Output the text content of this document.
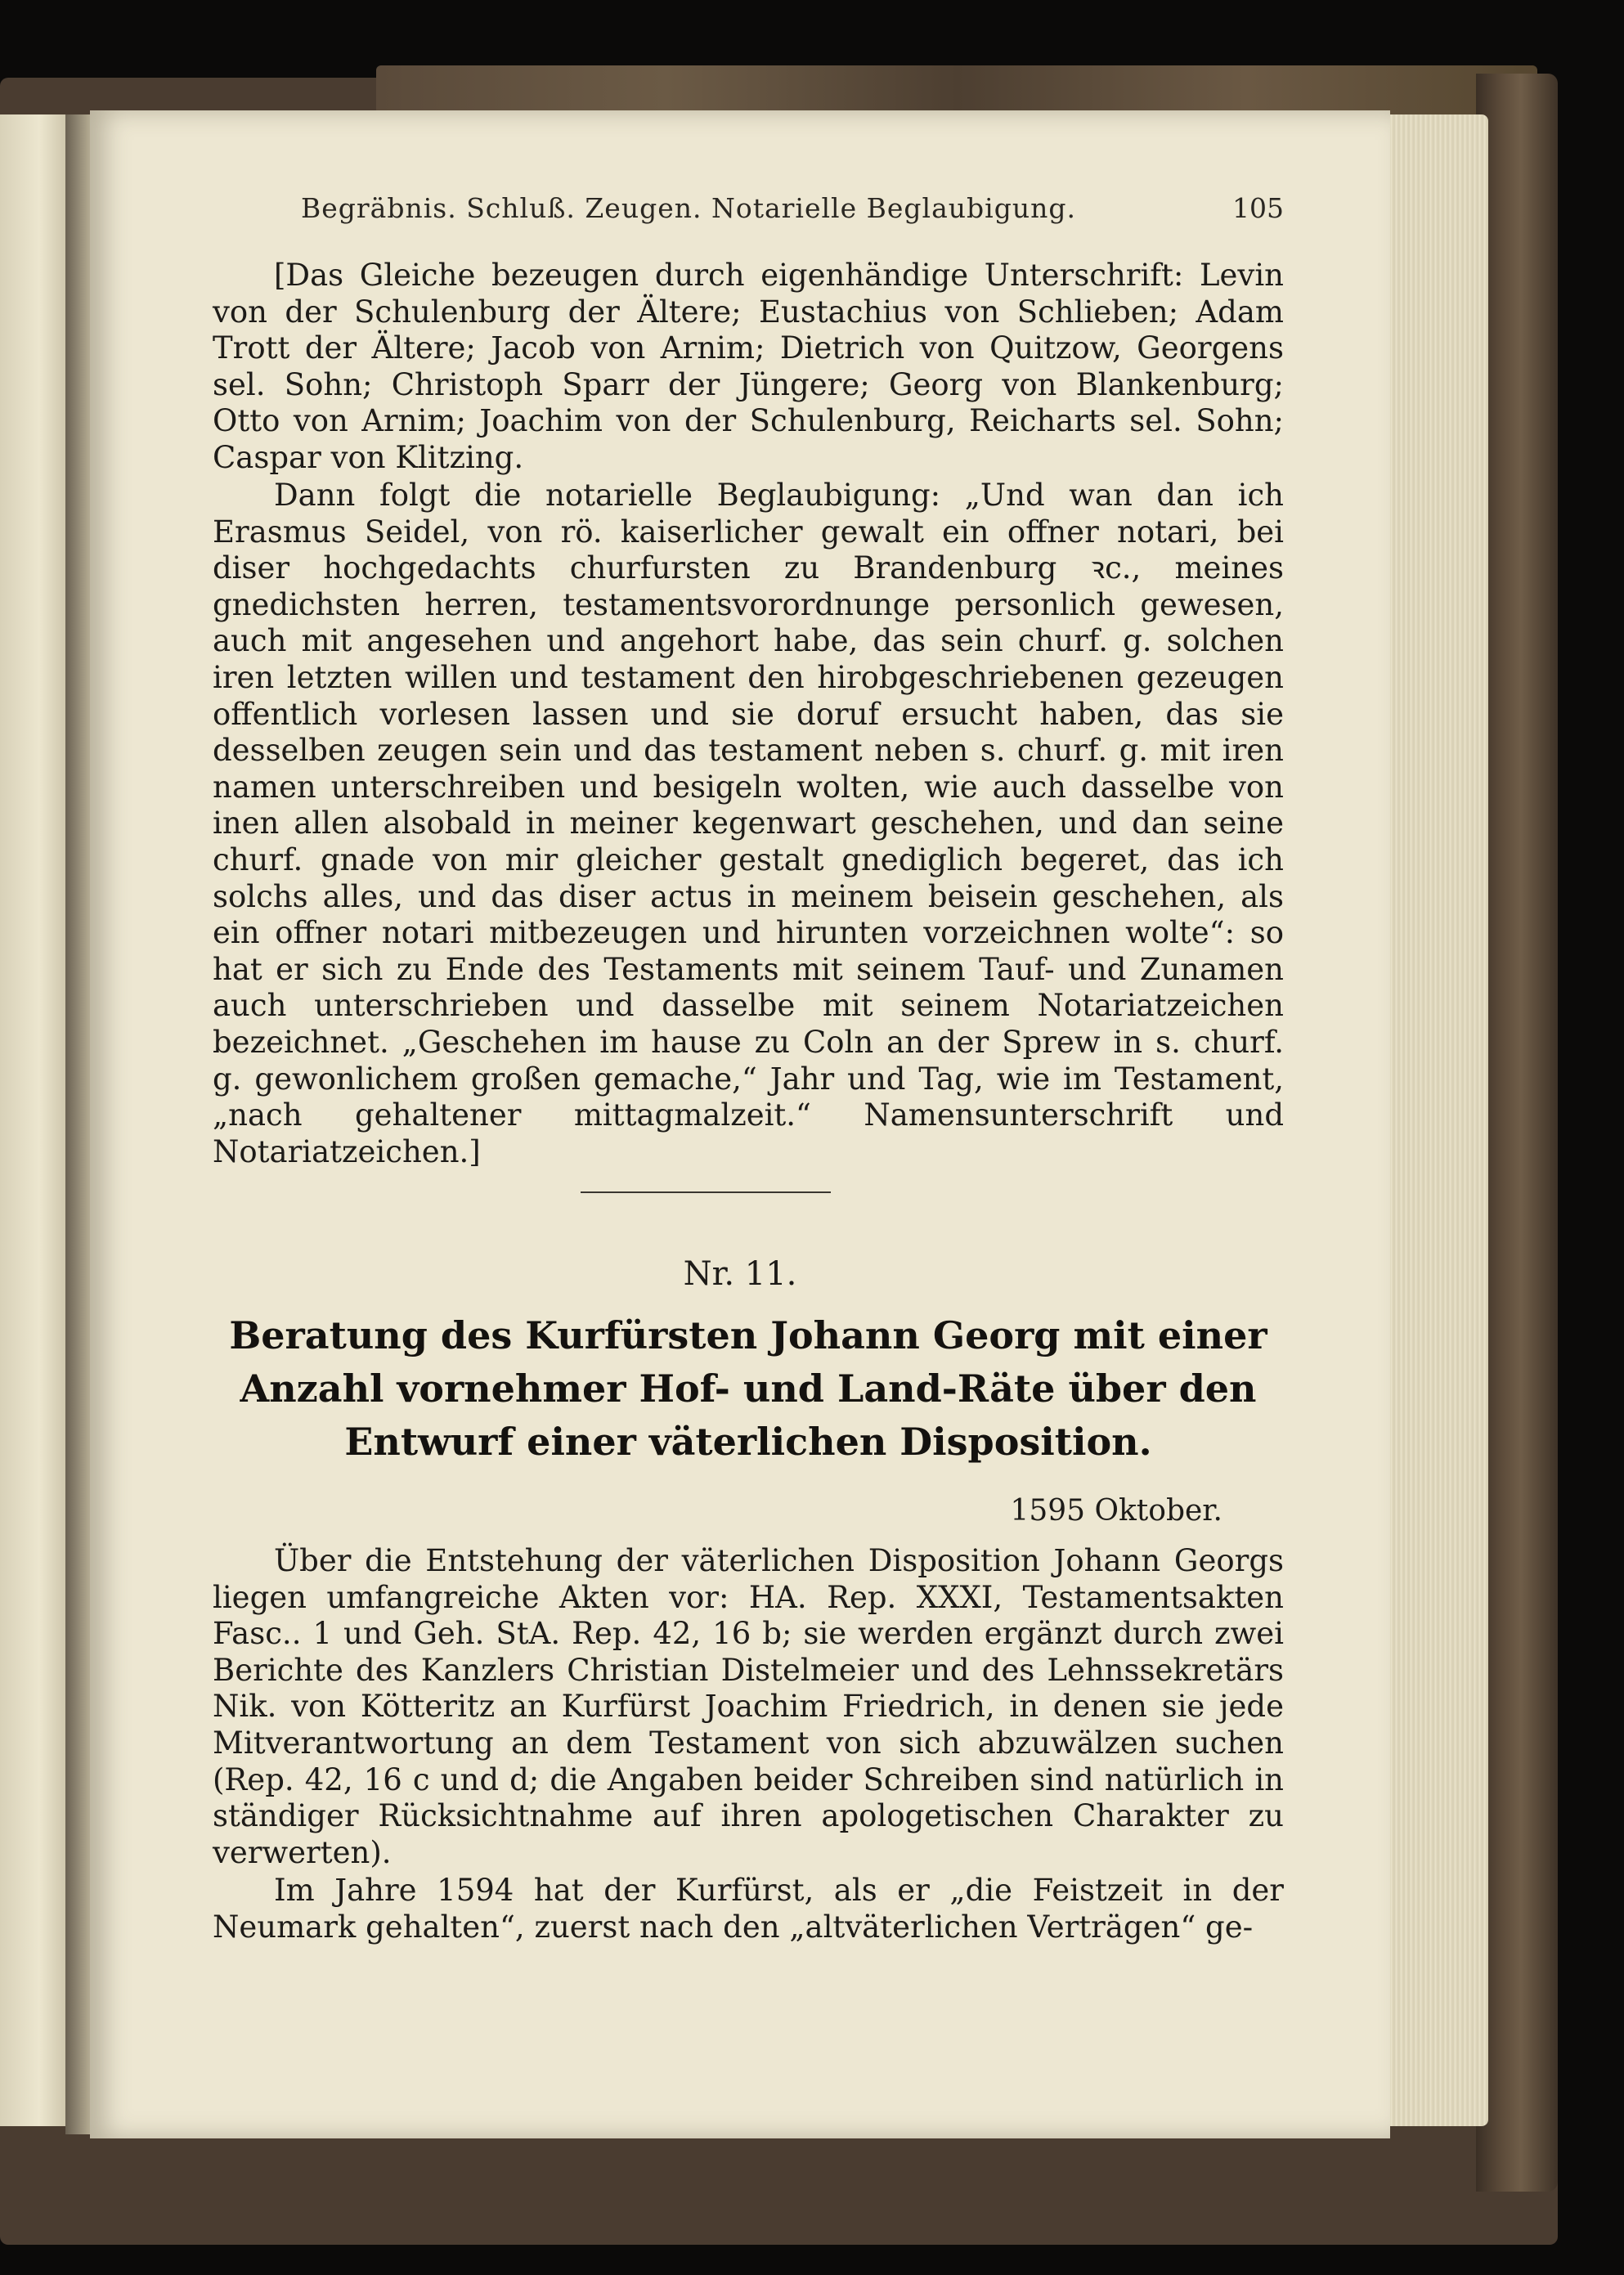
Begräbnis. Schluß. Zeugen. Notarielle Beglaubigung.	105

[Das Gleiche bezeugen durch eigenhändige Unterschrift: Levin von der Schulenburg der Ältere; Eustachius von Schlieben; Adam Trott der Ältere; Jacob von Arnim; Dietrich von Quitzow, Georgens sel. Sohn; Christoph Sparr der Jüngere; Georg von Blankenburg; Otto von Arnim; Joachim von der Schulenburg, Reicharts sel. Sohn; Caspar von Klitzing.

Dann folgt die notarielle Beglaubigung: „Und wan dan ich Erasmus Seidel, von rö. kaiserlicher gewalt ein offner notari, bei diser hochgedachts churfursten zu Brandenburg ꝛc., meines gnedichsten herren, testamentsvorordnunge personlich gewesen, auch mit angesehen und angehort habe, das sein churf. g. solchen iren letzten willen und testament den hirobgeschriebenen gezeugen offentlich vorlesen lassen und sie doruf ersucht haben, das sie desselben zeugen sein und das testament neben s. churf. g. mit iren namen unterschreiben und besigeln wolten, wie auch dasselbe von inen allen alsobald in meiner kegenwart geschehen, und dan seine churf. gnade von mir gleicher gestalt gnediglich begeret, das ich solchs alles, und das diser actus in meinem beisein geschehen, als ein offner notari mitbezeugen und hirunten vorzeichnen wolte“: so hat er sich zu Ende des Testaments mit seinem Tauf- und Zunamen auch unterschrieben und dasselbe mit seinem Notariatzeichen bezeichnet. „Geschehen im hause zu Coln an der Sprew in s. churf. g. gewonlichem großen gemache,“ Jahr und Tag, wie im Testament, „nach gehaltener mittagmalzeit.“ Namensunterschrift und Notariatzeichen.]

Nr. 11.
Beratung des Kurfürsten Johann Georg mit einer Anzahl vornehmer Hof- und Land-Räte über den Entwurf einer väterlichen Disposition.
1595 Oktober.

Über die Entstehung der väterlichen Disposition Johann Georgs liegen umfangreiche Akten vor: HA. Rep. XXXI, Testamentsakten Fasc.. 1 und Geh. StA. Rep. 42, 16 b; sie werden ergänzt durch zwei Berichte des Kanzlers Christian Distelmeier und des Lehnssekretärs Nik. von Kötteritz an Kurfürst Joachim Friedrich, in denen sie jede Mitverantwortung an dem Testament von sich abzuwälzen suchen (Rep. 42, 16 c und d; die Angaben beider Schreiben sind natürlich in ständiger Rücksichtnahme auf ihren apologetischen Charakter zu verwerten).

Im Jahre 1594 hat der Kurfürst, als er „die Feistzeit in der Neumark gehalten“, zuerst nach den „altväterlichen Verträgen“ ge-
